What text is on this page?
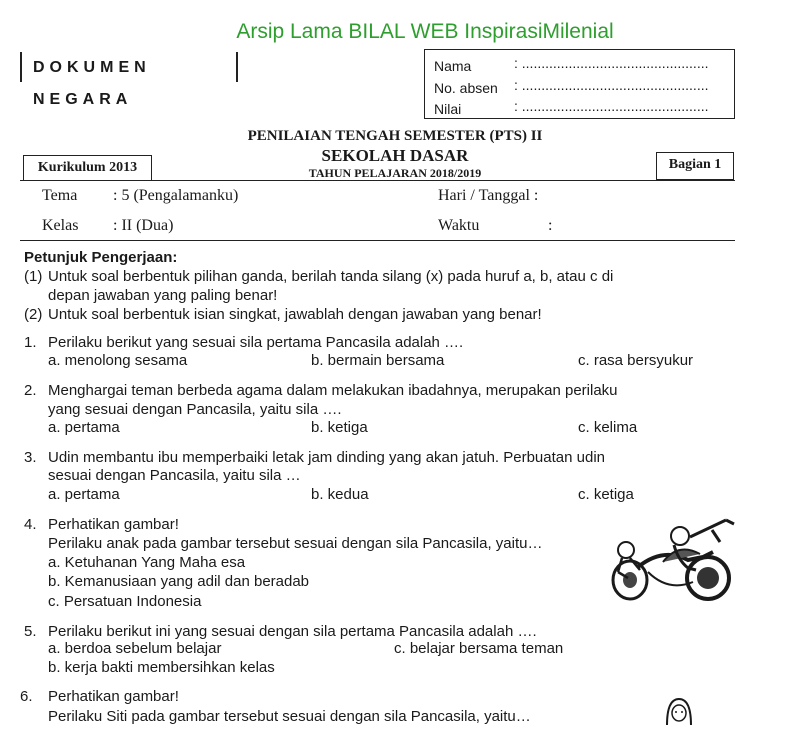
Arsip Lama BILAL WEB InspirasiMilenial
DOKUMEN NEGARA
Nama	: ................................................
No. absen : ................................................
Nilai	: ................................................
PENILAIAN TENGAH SEMESTER (PTS) II
SEKOLAH DASAR
TAHUN PELAJARAN 2018/2019
Kurikulum 2013	Bagian 1
Tema : 5 (Pengalamanku)	Hari / Tanggal :
Kelas : II (Dua)	Waktu	:
Petunjuk Pengerjaan:
(1) Untuk soal berbentuk pilihan ganda, berilah tanda silang (x) pada huruf a, b, atau c di
depan jawaban yang paling benar!
(2) Untuk soal berbentuk isian singkat, jawablah dengan jawaban yang benar!
1. Perilaku berikut yang sesuai sila pertama Pancasila adalah ….
a. menolong sesama	b. bermain bersama	c. rasa bersyukur
2. Menghargai teman berbeda agama dalam melakukan ibadahnya, merupakan perilaku
yang sesuai dengan Pancasila, yaitu sila ….
a. pertama	b. ketiga	c. kelima
3. Udin membantu ibu memperbaiki letak jam dinding yang akan jatuh. Perbuatan udin
sesuai dengan Pancasila, yaitu sila …
a. pertama	b. kedua	c. ketiga
4. Perhatikan gambar!
Perilaku anak pada gambar tersebut sesuai dengan sila Pancasila, yaitu…
a. Ketuhanan Yang Maha esa
b. Kemanusiaan yang adil dan beradab
c. Persatuan Indonesia
5. Perilaku berikut ini yang sesuai dengan sila pertama Pancasila adalah ….
a. berdoa sebelum belajar	c. belajar bersama teman
b. kerja bakti membersihkan kelas
6. Perhatikan gambar!
Perilaku Siti pada gambar tersebut sesuai dengan sila Pancasila, yaitu…
